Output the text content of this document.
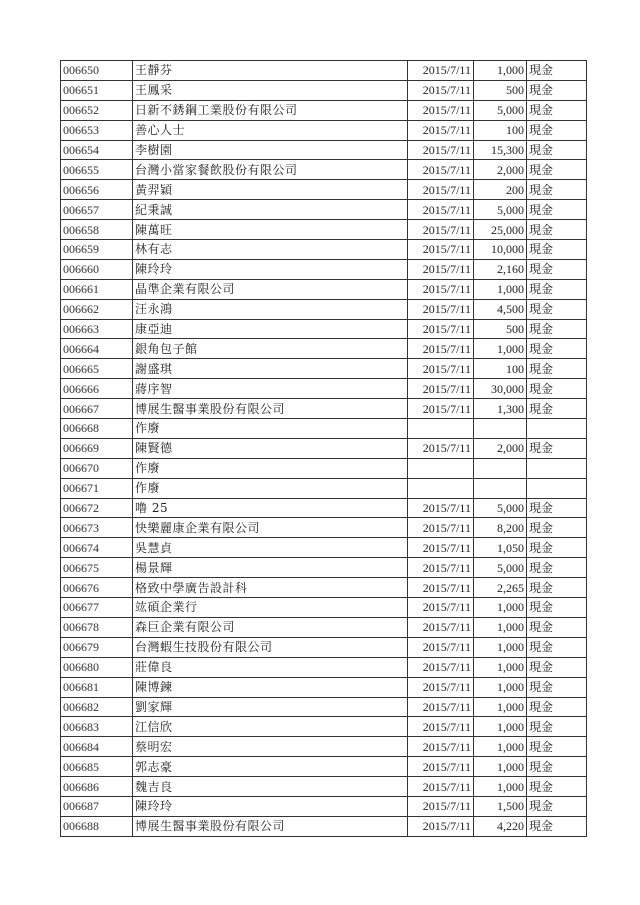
006650	王靜芬	2015/7/11	1,000	現金
006651	王鳳采	2015/7/11	500	現金
006652	日新不銹鋼工業股份有限公司	2015/7/11	5,000	現金
006653	善心人士	2015/7/11	100	現金
006654	李樹園	2015/7/11	15,300	現金
006655	台灣小當家餐飲股份有限公司	2015/7/11	2,000	現金
006656	黃羿穎	2015/7/11	200	現金
006657	紀秉誠	2015/7/11	5,000	現金
006658	陳萬旺	2015/7/11	25,000	現金
006659	林有志	2015/7/11	10,000	現金
006660	陳玲玲	2015/7/11	2,160	現金
006661	晶準企業有限公司	2015/7/11	1,000	現金
006662	汪永鴻	2015/7/11	4,500	現金
006663	康亞迪	2015/7/11	500	現金
006664	銀角包子館	2015/7/11	1,000	現金
006665	謝盛琪	2015/7/11	100	現金
006666	蔣序智	2015/7/11	30,000	現金
006667	博展生醫事業股份有限公司	2015/7/11	1,300	現金
006668	作廢			
006669	陳賢德	2015/7/11	2,000	現金
006670	作廢			
006671	作廢			
006672	噜 25	2015/7/11	5,000	現金
006673	快樂麗康企業有限公司	2015/7/11	8,200	現金
006674	吳慧貞	2015/7/11	1,050	現金
006675	楊景輝	2015/7/11	5,000	現金
006676	格致中學廣告設計科	2015/7/11	2,265	現金
006677	竑碩企業行	2015/7/11	1,000	現金
006678	森巨企業有限公司	2015/7/11	1,000	現金
006679	台灣蝦生技股份有限公司	2015/7/11	1,000	現金
006680	莊偉良	2015/7/11	1,000	現金
006681	陳博鍊	2015/7/11	1,000	現金
006682	劉家輝	2015/7/11	1,000	現金
006683	江信欣	2015/7/11	1,000	現金
006684	蔡明宏	2015/7/11	1,000	現金
006685	郭志豪	2015/7/11	1,000	現金
006686	魏吉良	2015/7/11	1,000	現金
006687	陳玲玲	2015/7/11	1,500	現金
006688	博展生醫事業股份有限公司	2015/7/11	4,220	現金
